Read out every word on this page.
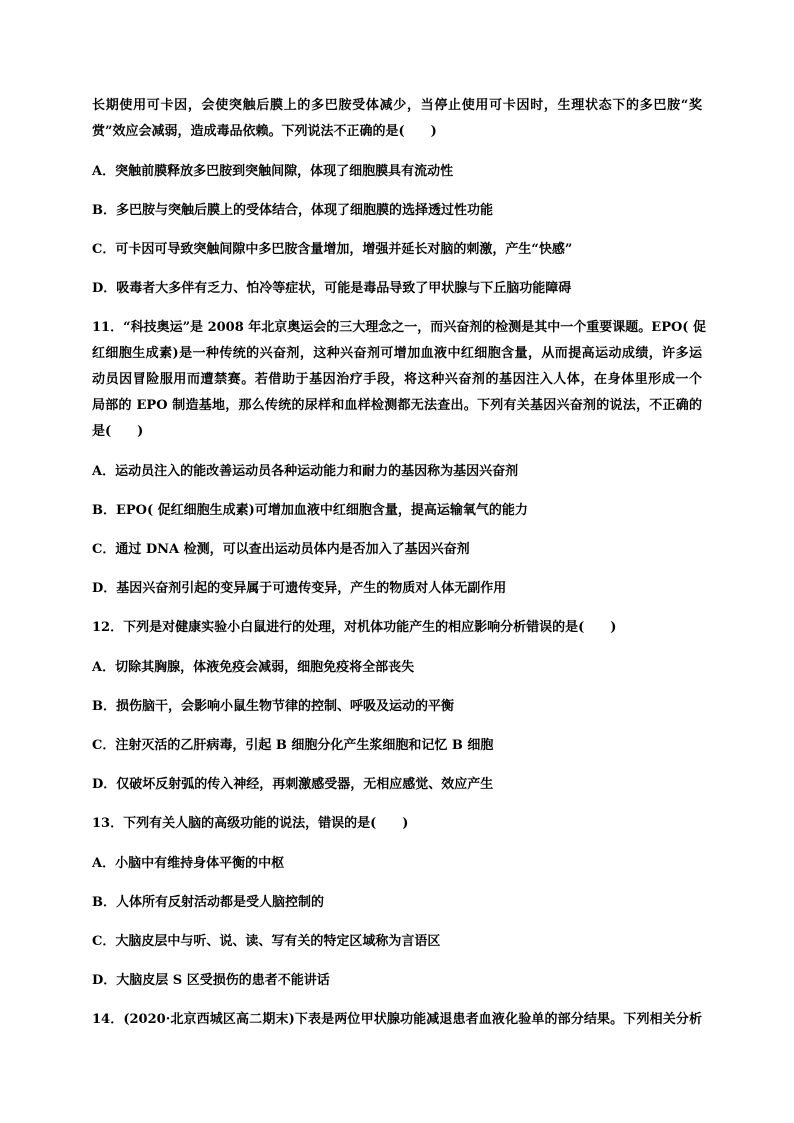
长期使用可卡因，会使突触后膜上的多巴胺受体减少，当停止使用可卡因时，生理状态下的多巴胺“奖
赏”效应会减弱，造成毒品依赖。下列说法不正确的是(　　)
A．突触前膜释放多巴胺到突触间隙，体现了细胞膜具有流动性
B．多巴胺与突触后膜上的受体结合，体现了细胞膜的选择透过性功能
C．可卡因可导致突触间隙中多巴胺含量增加，增强并延长对脑的刺激，产生“快感”
D．吸毒者大多伴有乏力、怕冷等症状，可能是毒品导致了甲状腺与下丘脑功能障碍
11．“科技奥运”是 2008 年北京奥运会的三大理念之一，而兴奋剂的检测是其中一个重要课题。EPO( 促
红细胞生成素)是一种传统的兴奋剂，这种兴奋剂可增加血液中红细胞含量，从而提高运动成绩，许多运
动员因冒险服用而遭禁赛。若借助于基因治疗手段，将这种兴奋剂的基因注入人体，在身体里形成一个
局部的 EPO 制造基地，那么传统的尿样和血样检测都无法查出。下列有关基因兴奋剂的说法，不正确的
是(　　)
A．运动员注入的能改善运动员各种运动能力和耐力的基因称为基因兴奋剂
B．EPO( 促红细胞生成素)可增加血液中红细胞含量，提高运输氧气的能力
C．通过 DNA 检测，可以查出运动员体内是否加入了基因兴奋剂
D．基因兴奋剂引起的变异属于可遗传变异，产生的物质对人体无副作用
12．下列是对健康实验小白鼠进行的处理，对机体功能产生的相应影响分析错误的是(　　)
A．切除其胸腺，体液免疫会减弱，细胞免疫将全部丧失
B．损伤脑干，会影响小鼠生物节律的控制、呼吸及运动的平衡
C．注射灭活的乙肝病毒，引起 B 细胞分化产生浆细胞和记忆 B 细胞
D．仅破坏反射弧的传入神经，再刺激感受器，无相应感觉、效应产生
13．下列有关人脑的高级功能的说法，错误的是(　　)
A．小脑中有维持身体平衡的中枢
B．人体所有反射活动都是受人脑控制的
C．大脑皮层中与听、说、读、写有关的特定区域称为言语区
D．大脑皮层 S 区受损伤的患者不能讲话
14．(2020·北京西城区高二期末)下表是两位甲状腺功能减退患者血液化验单的部分结果。下列相关分析
